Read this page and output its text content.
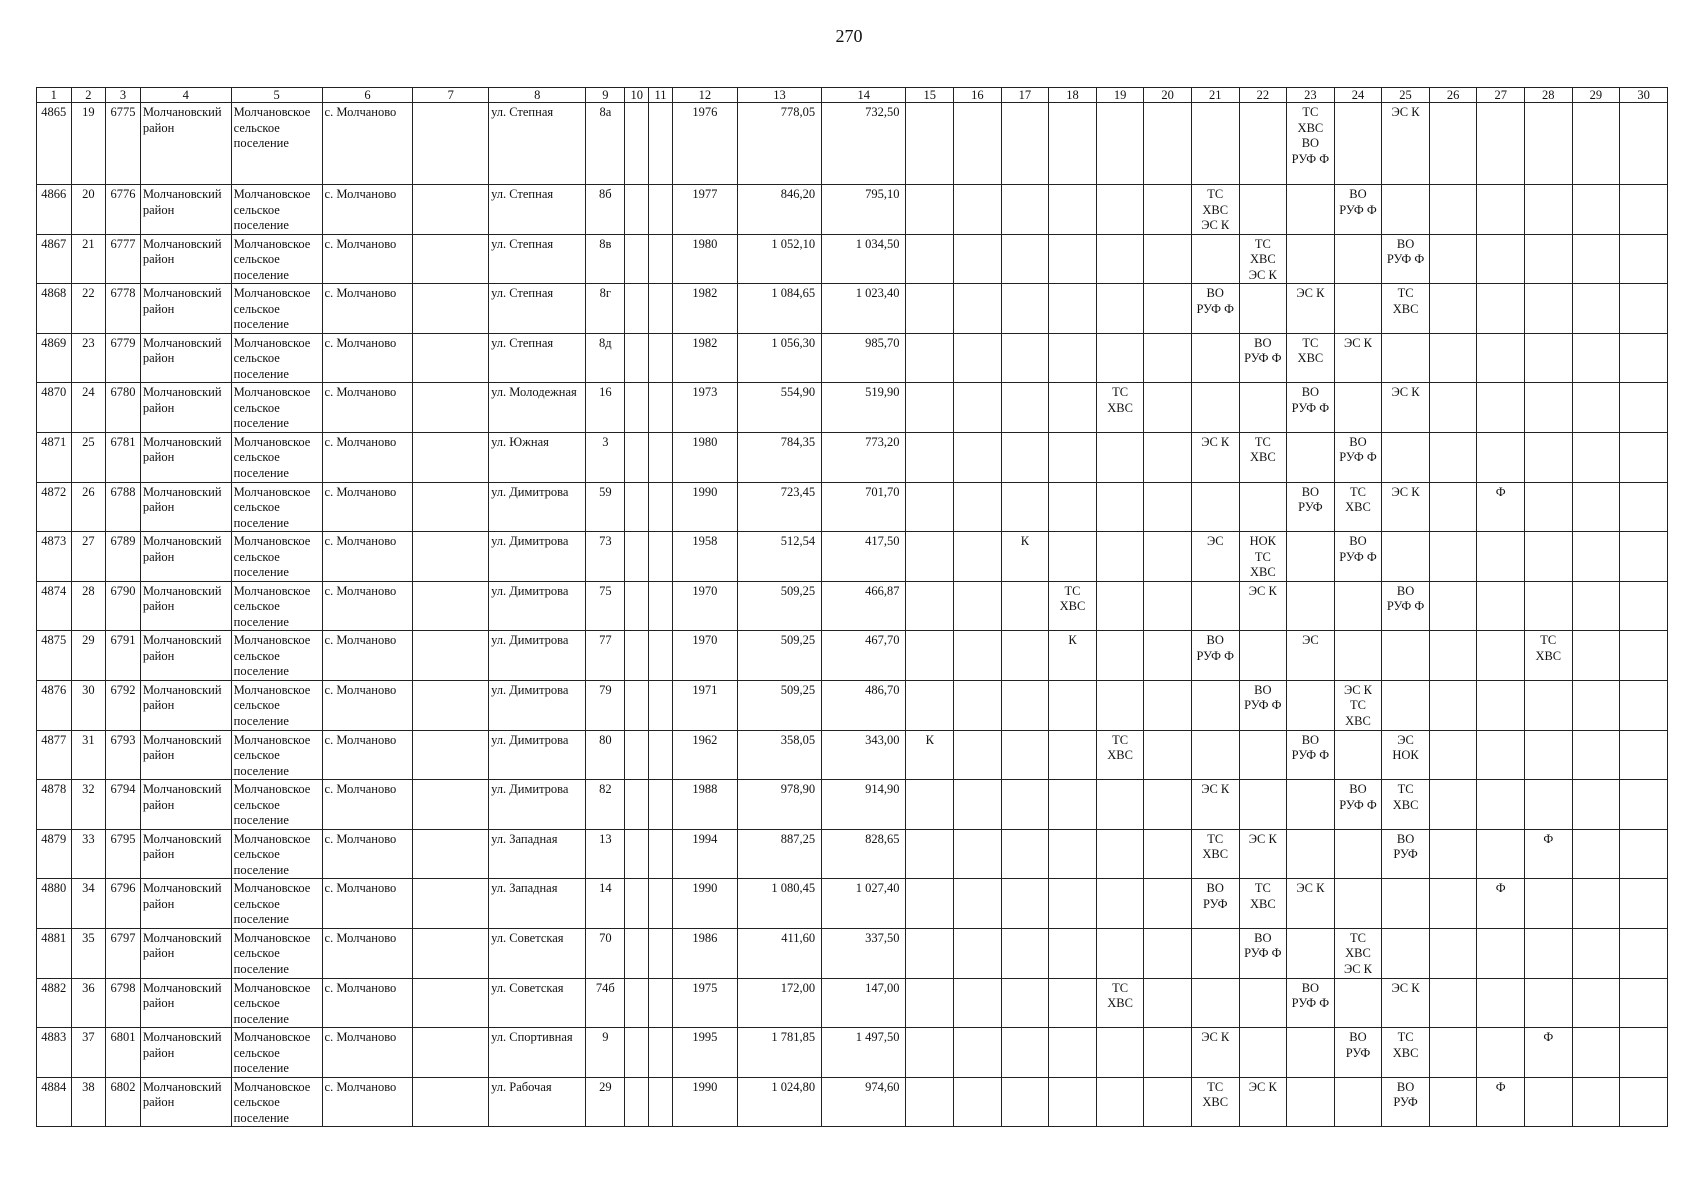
270
1	2	3	4	5	6	7	8	9	10	11	12	13	14	15	16	17	18	19	20	21	22	23	24	25	26	27	28	29	30
4865	19	6775	Молчановский район	Молчановское сельское поселение	с. Молчаново		ул. Степная	8а			1976	778,05	732,50									ТС ХВС ВО РУФ Ф		ЭС К					
4866	20	6776	Молчановский район	Молчановское сельское поселение	с. Молчаново		ул. Степная	8б			1977	846,20	795,10							ТС ХВС ЭС К			ВО РУФ Ф						
4867	21	6777	Молчановский район	Молчановское сельское поселение	с. Молчаново		ул. Степная	8в			1980	1 052,10	1 034,50								ТС ХВС ЭС К			ВО РУФ Ф					
4868	22	6778	Молчановский район	Молчановское сельское поселение	с. Молчаново		ул. Степная	8г			1982	1 084,65	1 023,40							ВО РУФ Ф		ЭС К		ТС ХВС					
4869	23	6779	Молчановский район	Молчановское сельское поселение	с. Молчаново		ул. Степная	8д			1982	1 056,30	985,70								ВО РУФ Ф	ТС ХВС	ЭС К						
4870	24	6780	Молчановский район	Молчановское сельское поселение	с. Молчаново		ул. Молодежная	16			1973	554,90	519,90					ТС ХВС				ВО РУФ Ф		ЭС К					
4871	25	6781	Молчановский район	Молчановское сельское поселение	с. Молчаново		ул. Южная	3			1980	784,35	773,20							ЭС К	ТС ХВС		ВО РУФ Ф						
4872	26	6788	Молчановский район	Молчановское сельское поселение	с. Молчаново		ул. Димитрова	59			1990	723,45	701,70									ВО РУФ	ТС ХВС	ЭС К		Ф			
4873	27	6789	Молчановский район	Молчановское сельское поселение	с. Молчаново		ул. Димитрова	73			1958	512,54	417,50			К				ЭС	НОК ТС ХВС		ВО РУФ Ф						
4874	28	6790	Молчановский район	Молчановское сельское поселение	с. Молчаново		ул. Димитрова	75			1970	509,25	466,87				ТС ХВС				ЭС К			ВО РУФ Ф					
4875	29	6791	Молчановский район	Молчановское сельское поселение	с. Молчаново		ул. Димитрова	77			1970	509,25	467,70				К			ВО РУФ Ф		ЭС					ТС ХВС		
4876	30	6792	Молчановский район	Молчановское сельское поселение	с. Молчаново		ул. Димитрова	79			1971	509,25	486,70								ВО РУФ Ф		ЭС К ТС ХВС						
4877	31	6793	Молчановский район	Молчановское сельское поселение	с. Молчаново		ул. Димитрова	80			1962	358,05	343,00	К				ТС ХВС				ВО РУФ Ф		ЭС НОК					
4878	32	6794	Молчановский район	Молчановское сельское поселение	с. Молчаново		ул. Димитрова	82			1988	978,90	914,90							ЭС К			ВО РУФ Ф	ТС ХВС					
4879	33	6795	Молчановский район	Молчановское сельское поселение	с. Молчаново		ул. Западная	13			1994	887,25	828,65							ТС ХВС	ЭС К			ВО РУФ			Ф		
4880	34	6796	Молчановский район	Молчановское сельское поселение	с. Молчаново		ул. Западная	14			1990	1 080,45	1 027,40							ВО РУФ	ТС ХВС	ЭС К				Ф			
4881	35	6797	Молчановский район	Молчановское сельское поселение	с. Молчаново		ул. Советская	70			1986	411,60	337,50								ВО РУФ Ф		ТС ХВС ЭС К						
4882	36	6798	Молчановский район	Молчановское сельское поселение	с. Молчаново		ул. Советская	74б			1975	172,00	147,00					ТС ХВС				ВО РУФ Ф		ЭС К					
4883	37	6801	Молчановский район	Молчановское сельское поселение	с. Молчаново		ул. Спортивная	9			1995	1 781,85	1 497,50							ЭС К			ВО РУФ	ТС ХВС			Ф		
4884	38	6802	Молчановский район	Молчановское сельское поселение	с. Молчаново		ул. Рабочая	29			1990	1 024,80	974,60							ТС ХВС	ЭС К			ВО РУФ		Ф			
